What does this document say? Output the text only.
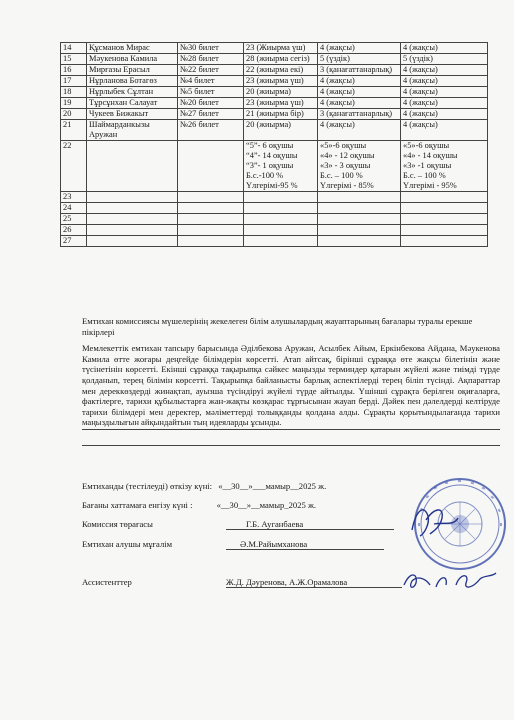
14	Құсманов Мирас	№30 билет	23 (Жиырма үш)	4 (жақсы)	4 (жақсы)
15	Мәукенова Камила	№28 билет	28 (жиырма сегіз)	5 (үздік)	5 (үздік)
16	Мирғазы Ерасыл	№22 билет	22 (жиырма екі)	3 (қанағаттанарлық)	4 (жақсы)
17	Нұрланова Ботагөз	№4 билет	23 (жиырма үш)	4 (жақсы)	4 (жақсы)
18	Нұрлыбек Сұлтан	№5 билет	20 (жиырма)	4 (жақсы)	4 (жақсы)
19	Тұрсұнхан Салауат	№20 билет	23 (жиырма үш)	4 (жақсы)	4 (жақсы)
20	Чукеев Бижакыт	№27 билет	21 (жиырма бір)	3 (қанағаттанарлық)	4 (жақсы)
21	Шаймарданкызы Аружан	№26 билет	20 (жиырма)	4 (жақсы)	4 (жақсы)
22			“5”- 6 оқушы
“4”- 14 оқушы
“3”- 1 оқушы
Б.с.-100 %
Үлгерімі-95 %	«5»-6 оқушы
«4» - 12 оқушы
«3» - 3 оқушы
Б.с. – 100 %
Үлгерімі - 85%	«5»-6 оқушы
«4» - 14 оқушы
«3» -1 оқушы
Б.с. – 100 %
Үлгерімі - 95%
23					
24					
25					
26					
27					

Емтихан комиссиясы мүшелерінің жекелеген білім алушылардың жауаптарының бағалары туралы ерекше пікірлері

Мемлекеттік емтихан тапсыру барысында Әділбекова Аружан, Асылбек Айым, Еркінбекова Айдана, Мәукенова Камила өтте жоғары деңгейде білімдерін көрсетті. Атап айтсақ, бірінші сұраққа өте жақсы білетінін және түсінетінін көрсетті. Екінші сұраққа тақырыпқа сәйкес маңызды терминдер қатарын жүйелі және тиімді түрде қолданып, терең білімін көрсетті. Тақырыпқа байланысты барлық аспектілерді терең біліп түсінді. Ақпараттар мен дереккөздерді жинақтап, ауызша түсіндіруі жүйелі түрде айтылды. Үшінші сұрақта берілген оқиғаларға, фактілерге, тарихи құбылыстарға жан-жақты көзқарас тұрғысынан жауап берді. Дәйек пен дәлелдерді келтіруде тарихи білімдері мен деректер, мәліметтерді толыққанды қолдана алды. Сұрақты қорытындылағанда тарихи маңыздылығын айқындайтын тың идеяларды ұсынды.

Емтиханды (тестілеуді) өткізу күні: «__30__»___мамыр__2025 ж.
Бағаны хаттамаға енгізу күні :	«__30__»__мамыр_2025 ж.
Комиссия төрағасы	Г.Б. Ауганбаева
Емтихан алушы мұғалім	Ә.М.Райымханова
Ассистенттер	Ж.Д. Дәуренова, А.Ж.Орамалова
